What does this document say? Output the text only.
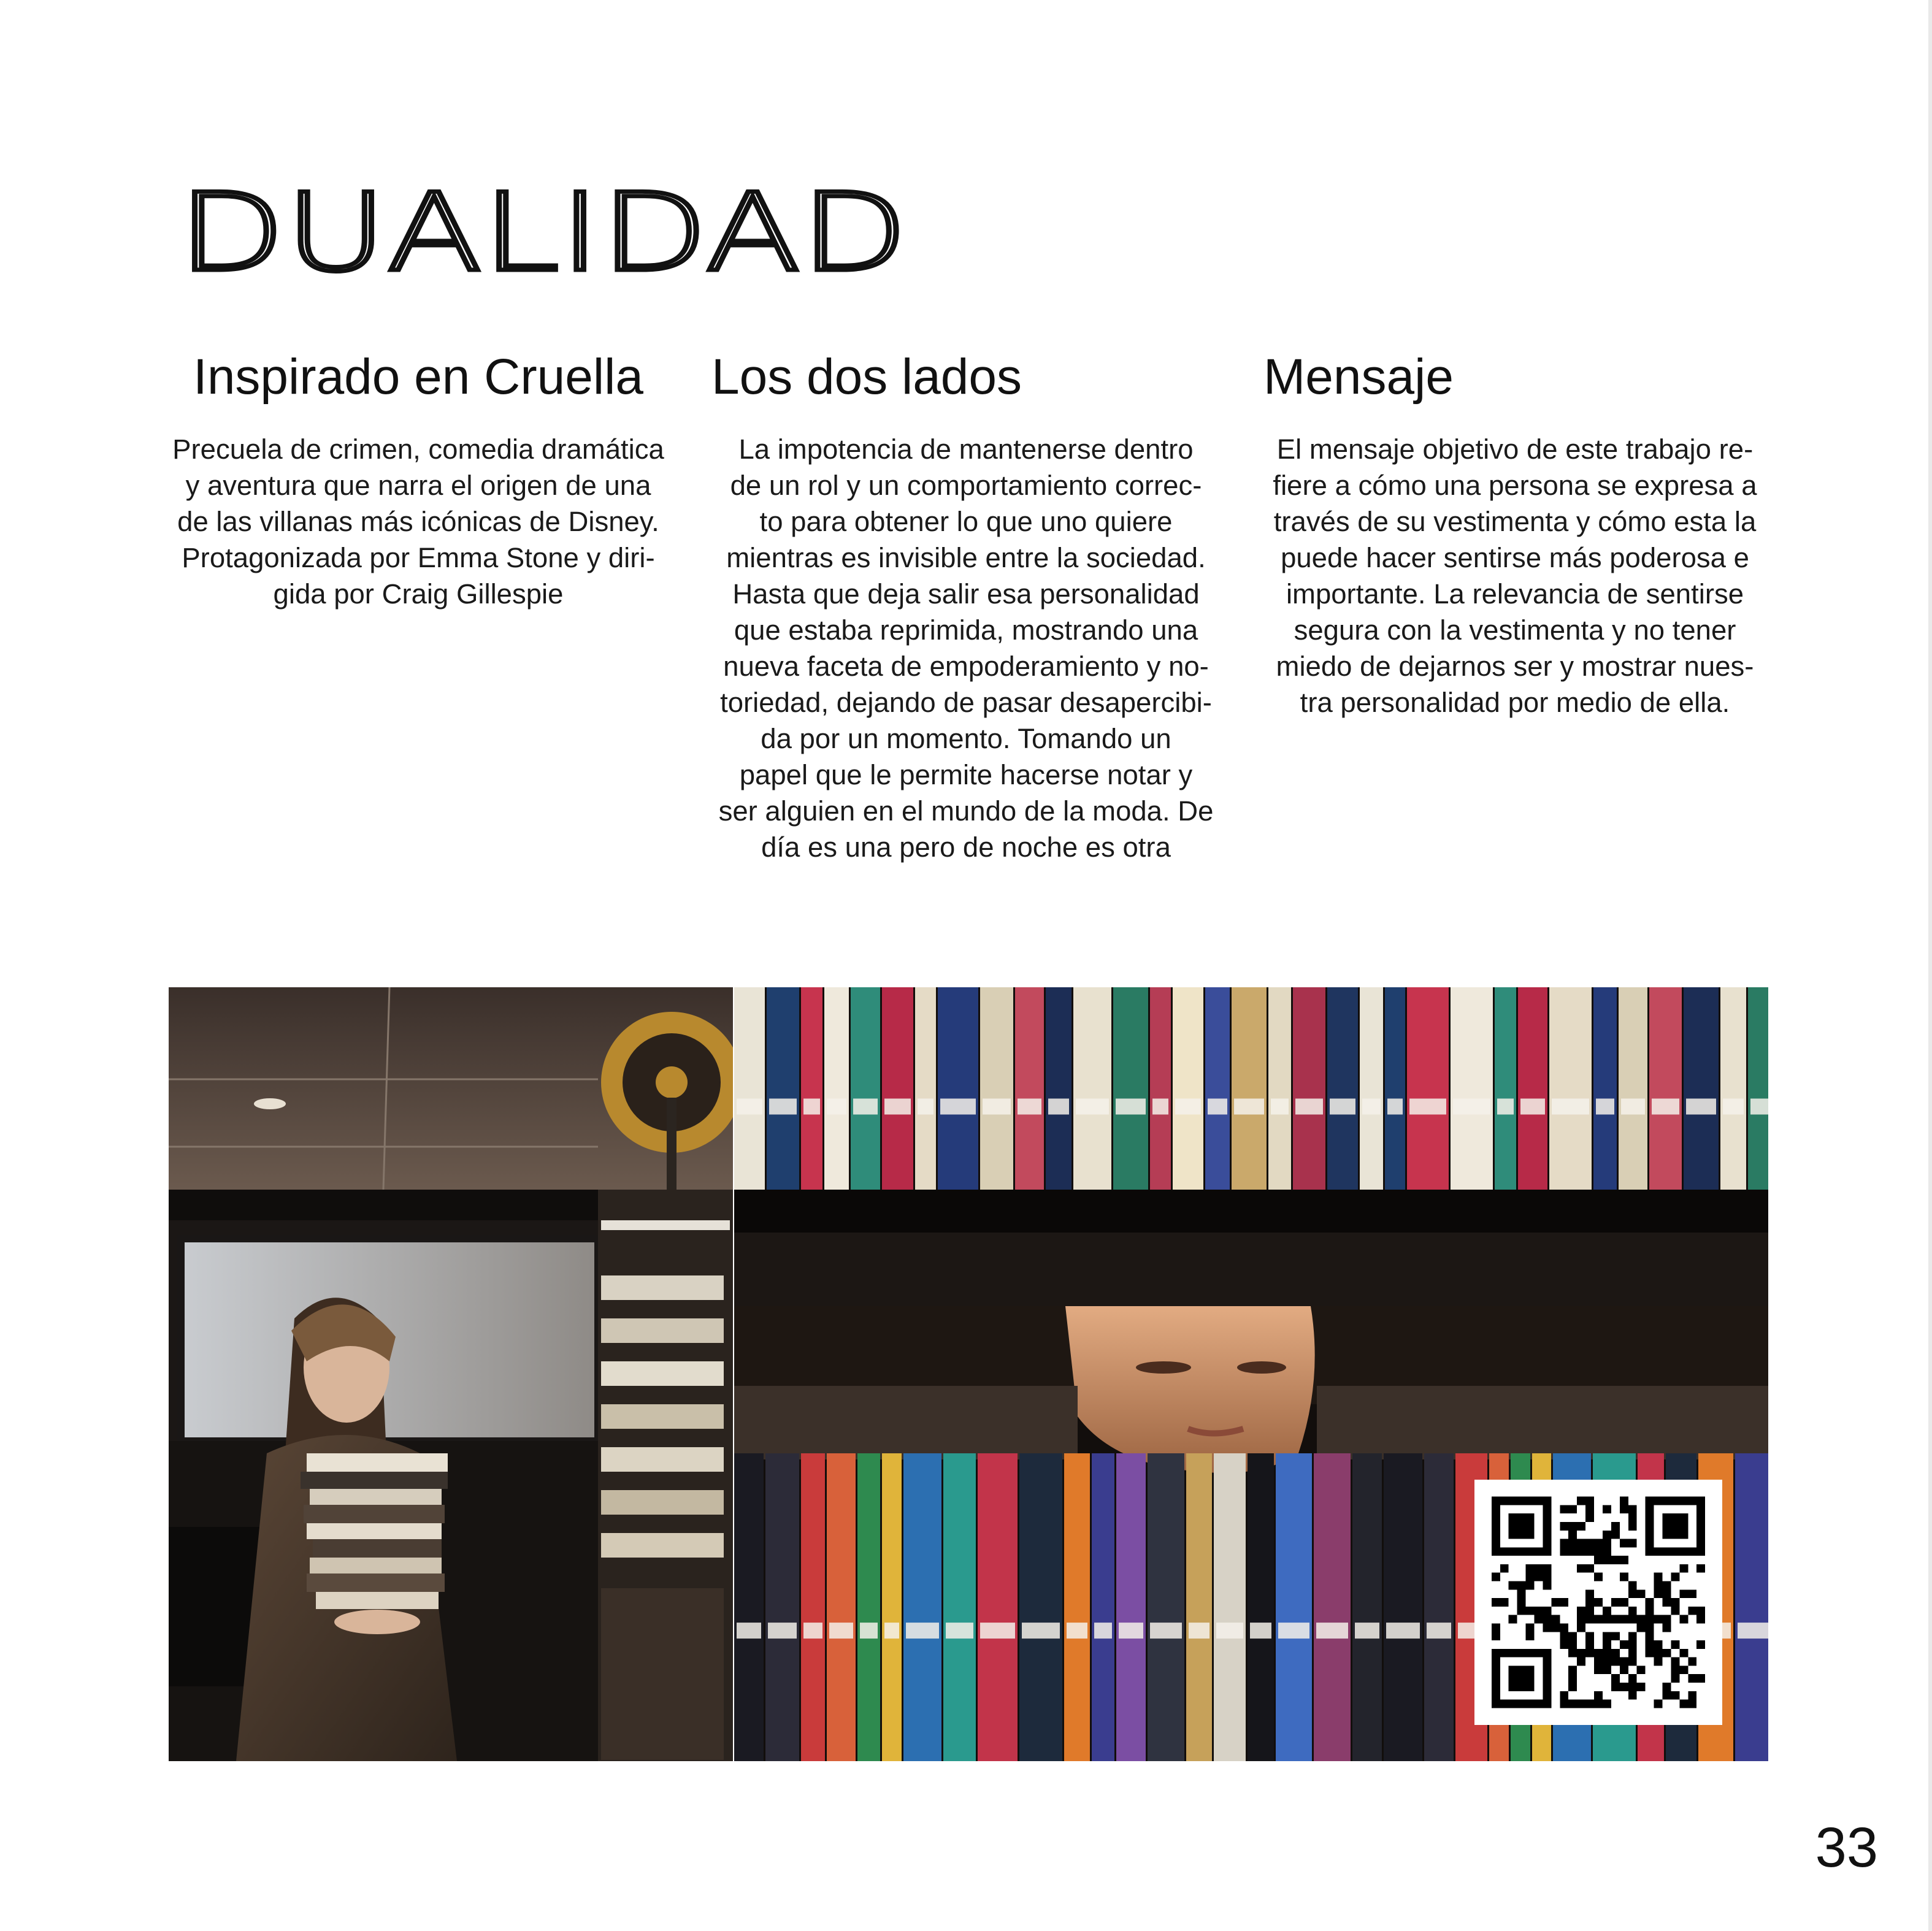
DUALIDAD
Inspirado en Cruella

Precuela de crimen, comedia dramática
y aventura que narra el origen de una
de las villanas más icónicas de Disney.
Protagonizada por Emma Stone y diri-
gida por Craig Gillespie

Los dos lados

La impotencia de mantenerse dentro
de un rol y un comportamiento correc-
to para obtener lo que uno quiere
mientras es invisible entre la sociedad.
Hasta que deja salir esa personalidad
que estaba reprimida, mostrando una
nueva faceta de empoderamiento y no-
toriedad, dejando de pasar desapercibi-
da por un momento. Tomando un
papel que le permite hacerse notar y
ser alguien en el mundo de la moda. De
día es una pero de noche es otra

Mensaje

El mensaje objetivo de este trabajo re-
fiere a cómo una persona se expresa a
través de su vestimenta y cómo esta la
puede hacer sentirse más poderosa e
importante. La relevancia de sentirse
segura con la vestimenta y no tener
miedo de dejarnos ser y mostrar nues-
tra personalidad por medio de ella.

33
